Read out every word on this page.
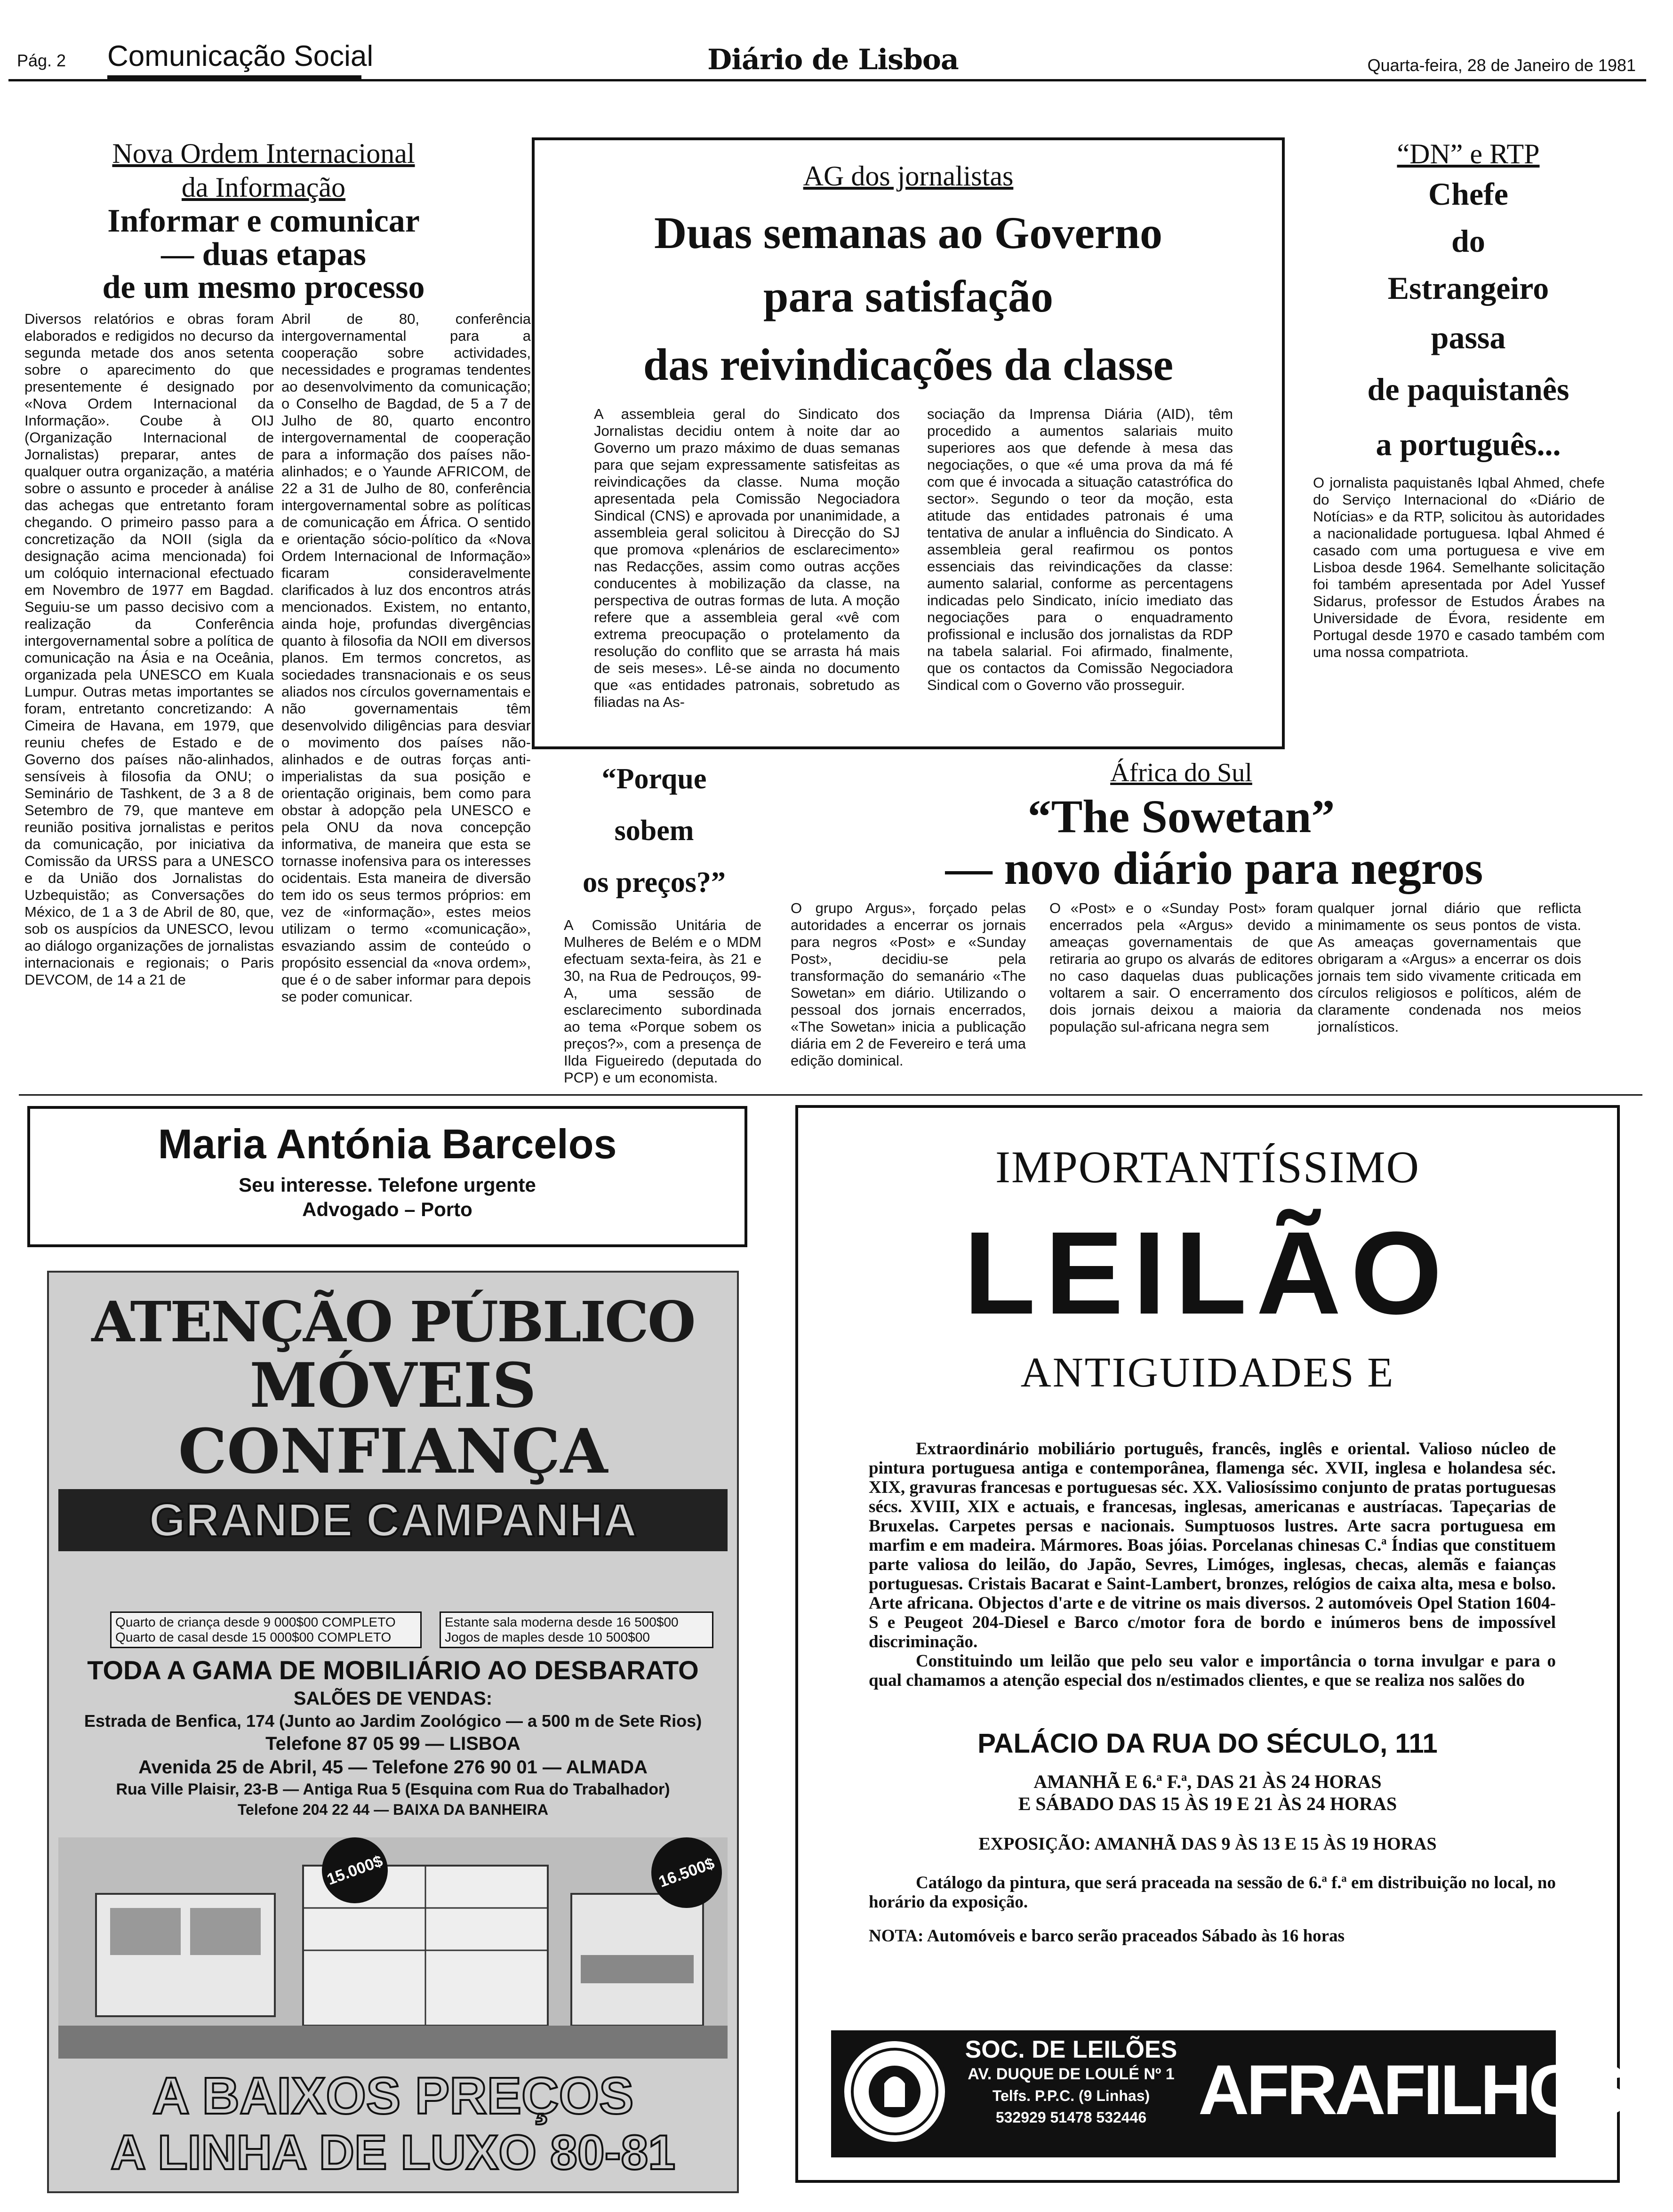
Pág. 2 Comunicação Social	Diário de Lisboa	Quarta-feira, 28 de Janeiro de 1981
Nova Ordem Internacional
da Informação
Informar e comunicar
— duas etapas
de um mesmo processo

Diversos relatórios e obras foram elaborados e redigidos no decurso da segunda metade dos anos setenta sobre o aparecimento do que presentemente é designado por «Nova Ordem Internacional da Informação». Coube à OIJ (Organização Internacional de Jornalistas) preparar, antes de qualquer outra organização, a matéria sobre o assunto e proceder à análise das achegas que entretanto foram chegando. O primeiro passo para a concretização da NOII (sigla da designação acima mencionada) foi um colóquio internacional efectuado em Novembro de 1977 em Bagdad. Seguiu-se um passo decisivo com a realização da Conferência intergovernamental sobre a política de comunicação na Ásia e na Oceânia, organizada pela UNESCO em Kuala Lumpur. Outras metas importantes se foram, entretanto concretizando: A Cimeira de Havana, em 1979, que reuniu chefes de Estado e de Governo dos países não-alinhados, sensíveis à filosofia da ONU; o Seminário de Tashkent, de 3 a 8 de Setembro de 79, que manteve em reunião positiva jornalistas e peritos da comunicação, por iniciativa da Comissão da URSS para a UNESCO e da União dos Jornalistas do Uzbequistão; as Conversações do México, de 1 a 3 de Abril de 80, que, sob os auspícios da UNESCO, levou ao diálogo organizações de jornalistas internacionais e regionais; o Paris DEVCOM, de 14 a 21 de

Abril de 80, conferência intergovernamental para a cooperação sobre actividades, necessidades e programas tendentes ao desenvolvimento da comunicação; o Conselho de Bagdad, de 5 a 7 de Julho de 80, quarto encontro intergovernamental de cooperação para a informação dos países não-alinhados; e o Yaunde AFRICOM, de 22 a 31 de Julho de 80, conferência intergovernamental sobre as políticas de comunicação em África. O sentido e orientação sócio-político da «Nova Ordem Internacional de Informação» ficaram consideravelmente clarificados à luz dos encontros atrás mencionados. Existem, no entanto, ainda hoje, profundas divergências quanto à filosofia da NOII em diversos planos. Em termos concretos, as sociedades transnacionais e os seus aliados nos círculos governamentais e não governamentais têm desenvolvido diligências para desviar o movimento dos países não-alinhados e de outras forças anti-imperialistas da sua posição e orientação originais, bem como para obstar à adopção pela UNESCO e pela ONU da nova concepção informativa, de maneira que esta se tornasse inofensiva para os interesses ocidentais. Esta maneira de diversão tem ido os seus termos próprios: em vez de «informação», estes meios utilizam o termo «comunicação», esvaziando assim de conteúdo o propósito essencial da «nova ordem», que é o de saber informar para depois se poder comunicar.

AG dos jornalistas
Duas semanas ao Governo
para satisfação
das reivindicações da classe

A assembleia geral do Sindicato dos Jornalistas decidiu ontem à noite dar ao Governo um prazo máximo de duas semanas para que sejam expressamente satisfeitas as reivindicações da classe. Numa moção apresentada pela Comissão Negociadora Sindical (CNS) e aprovada por unanimidade, a assembleia geral solicitou à Direcção do SJ que promova «plenários de esclarecimento» nas Redacções, assim como outras acções conducentes à mobilização da classe, na perspectiva de outras formas de luta. A moção refere que a assembleia geral «vê com extrema preocupação o protelamento da resolução do conflito que se arrasta há mais de seis meses». Lê-se ainda no documento que «as entidades patronais, sobretudo as filiadas na As-

sociação da Imprensa Diária (AID), têm procedido a aumentos salariais muito superiores aos que defende à mesa das negociações, o que «é uma prova da má fé com que é invocada a situação catastrófica do sector». Segundo o teor da moção, esta atitude das entidades patronais é uma tentativa de anular a influência do Sindicato. A assembleia geral reafirmou os pontos essenciais das reivindicações da classe: aumento salarial, conforme as percentagens indicadas pelo Sindicato, início imediato das negociações para o enquadramento profissional e inclusão dos jornalistas da RDP na tabela salarial. Foi afirmado, finalmente, que os contactos da Comissão Negociadora Sindical com o Governo vão prosseguir.

“DN” e RTP
Chefe
do
Estrangeiro
passa
de paquistanês
a português...

O jornalista paquistanês Iqbal Ahmed, chefe do Serviço Internacional do «Diário de Notícias» e da RTP, solicitou às autoridades a nacionalidade portuguesa. Iqbal Ahmed é casado com uma portuguesa e vive em Lisboa desde 1964. Semelhante solicitação foi também apresentada por Adel Yussef Sidarus, professor de Estudos Árabes na Universidade de Évora, residente em Portugal desde 1970 e casado também com uma nossa compatriota.

“Porque
sobem
os preços?”

A Comissão Unitária de Mulheres de Belém e o MDM efectuam sexta-feira, às 21 e 30, na Rua de Pedrouços, 99-A, uma sessão de esclarecimento subordinada ao tema «Porque sobem os preços?», com a presença de Ilda Figueiredo (deputada do PCP) e um economista.

África do Sul
“The Sowetan”
— novo diário para negros

O grupo Argus», forçado pelas autoridades a encerrar os jornais para negros «Post» e «Sunday Post», decidiu-se pela transformação do semanário «The Sowetan» em diário. Utilizando o pessoal dos jornais encerrados, «The Sowetan» inicia a publicação diária em 2 de Fevereiro e terá uma edição dominical.

O «Post» e o «Sunday Post» foram encerrados pela «Argus» devido a ameaças governamentais de que retiraria ao grupo os alvarás de editores no caso daquelas duas publicações voltarem a sair. O encerramento dos dois jornais deixou a maioria da população sul-africana negra sem

qualquer jornal diário que reflicta minimamente os seus pontos de vista. As ameaças governamentais que obrigaram a «Argus» a encerrar os dois jornais tem sido vivamente criticada em círculos religiosos e políticos, além de claramente condenada nos meios jornalísticos.

Maria Antónia Barcelos
Seu interesse. Telefone urgente
Advogado – Porto
ATENÇÃO PÚBLICO
MÓVEIS
CONFIANÇA
GRANDE CAMPANHA
Quarto de criança desde 9 000$00 COMPLETO
Quarto de casal desde 15 000$00 COMPLETO
Estante sala moderna desde 16 500$00
Jogos de maples desde 10 500$00
TODA A GAMA DE MOBILIÁRIO AO DESBARATO
SALÕES DE VENDAS:
Estrada de Benfica, 174 (Junto ao Jardim Zoológico — a 500 m de Sete Rios)
Telefone 87 05 99 — LISBOA
Avenida 25 de Abril, 45 — Telefone 276 90 01 — ALMADA
Rua Ville Plaisir, 23-B — Antiga Rua 5 (Esquina com Rua do Trabalhador)
Telefone 204 22 44 — BAIXA DA BANHEIRA
15.000$	16.500$
A BAIXOS PREÇOS
A LINHA DE LUXO 80-81
IMPORTANTÍSSIMO
LEILÃO
ANTIGUIDADES E

Extraordinário mobiliário português, francês, inglês e oriental. Valioso núcleo de pintura portuguesa antiga e contemporânea, flamenga séc. XVII, inglesa e holandesa séc. XIX, gravuras francesas e portuguesas séc. XX. Valiosíssimo conjunto de pratas portuguesas sécs. XVIII, XIX e actuais, e francesas, inglesas, americanas e austríacas. Tapeçarias de Bruxelas. Carpetes persas e nacionais. Sumptuosos lustres. Arte sacra portuguesa em marfim e em madeira. Mármores. Boas jóias. Porcelanas chinesas C.ª Índias que constituem parte valiosa do leilão, do Japão, Sevres, Limóges, inglesas, checas, alemãs e faianças portuguesas. Cristais Bacarat e Saint-Lambert, bronzes, relógios de caixa alta, mesa e bolso. Arte africana. Objectos d'arte e de vitrine os mais diversos. 2 automóveis Opel Station 1604-S e Peugeot 204-Diesel e Barco c/motor fora de bordo e inúmeros bens de impossível discriminação.

Constituindo um leilão que pelo seu valor e importância o torna invulgar e para o qual chamamos a atenção especial dos n/estimados clientes, e que se realiza nos salões do

PALÁCIO DA RUA DO SÉCULO, 111
AMANHÃ E 6.ª F.ª, DAS 21 ÀS 24 HORAS
E SÁBADO DAS 15 ÀS 19 E 21 ÀS 24 HORAS
EXPOSIÇÃO: AMANHÃ DAS 9 ÀS 13 E 15 ÀS 19 HORAS

Catálogo da pintura, que será praceada na sessão de 6.ª f.ª em distribuição no local, no horário da exposição.

NOTA: Automóveis e barco serão praceados Sábado às 16 horas
SOC. DE LEILÕES
AV. DUQUE DE LOULÉ Nº 1
Telfs. P.P.C. (9 Linhas)
532929 51478 532446 AFRAFILHOS,Lda
